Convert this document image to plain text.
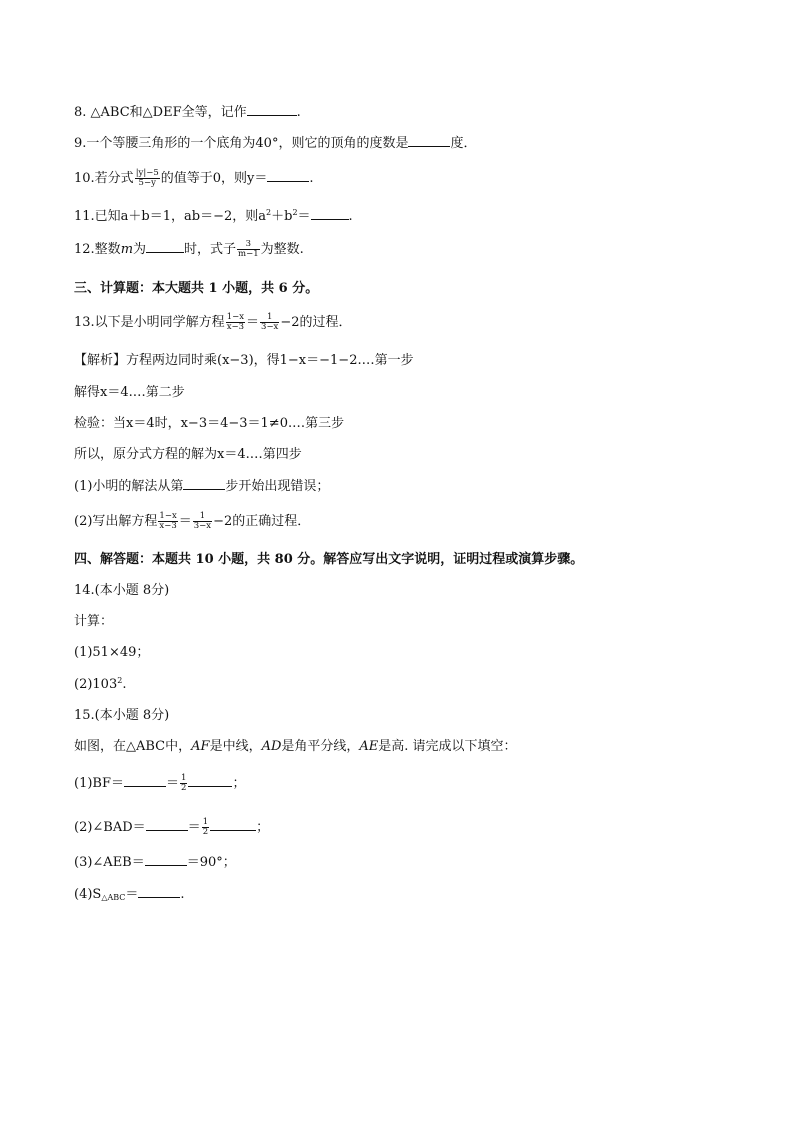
8. △ABC和△DEF全等，记作	.
9.一个等腰三角形的一个底角为40°，则它的顶角的度数是	度．
10.若分式 $\frac{|y|-5}{5-y}$ 的值等于0，则y＝	.
11.已知a＋b＝1，ab＝−2，则$a^2+b^2=$	.
12.整数m为	时，式子 $\frac{3}{m-1}$ 为整数.
三、计算题：本大题共 1 小题，共 6 分。
13.以下是小明同学解方程 $\frac{1-x}{x-3} = \frac{1}{3-x} -2$的过程．
【解析】方程两边同时乘(x−3)，得1−x＝−1−2.…第一步
解得x＝4.…第二步
检验：当x＝4时，x−3＝4−3＝1≠0.…第三步
所以，原分式方程的解为x＝4.…第四步
(1)小明的解法从第	步开始出现错误；
(2)写出解方程 $\frac{1-x}{x-3} = \frac{1}{3-x} -2$的正确过程．
四、解答题：本题共 10 小题，共 80 分。解答应写出文字说明，证明过程或演算步骤。
14.(本小题 8分)
计算：
(1)51×49；
$(2)103^2$.
15.(本小题 8分)
如图，在△ABC中，AF是中线，AD是角平分线，AE是高. 请完成以下填空：
(1)BF＝	＝ $\frac{1}{2}$	；
(2)∠BAD＝	＝ $\frac{1}{2}$	；
(3)∠AEB＝	＝90°；
$(4)S_{\triangle ABC}=$	.
